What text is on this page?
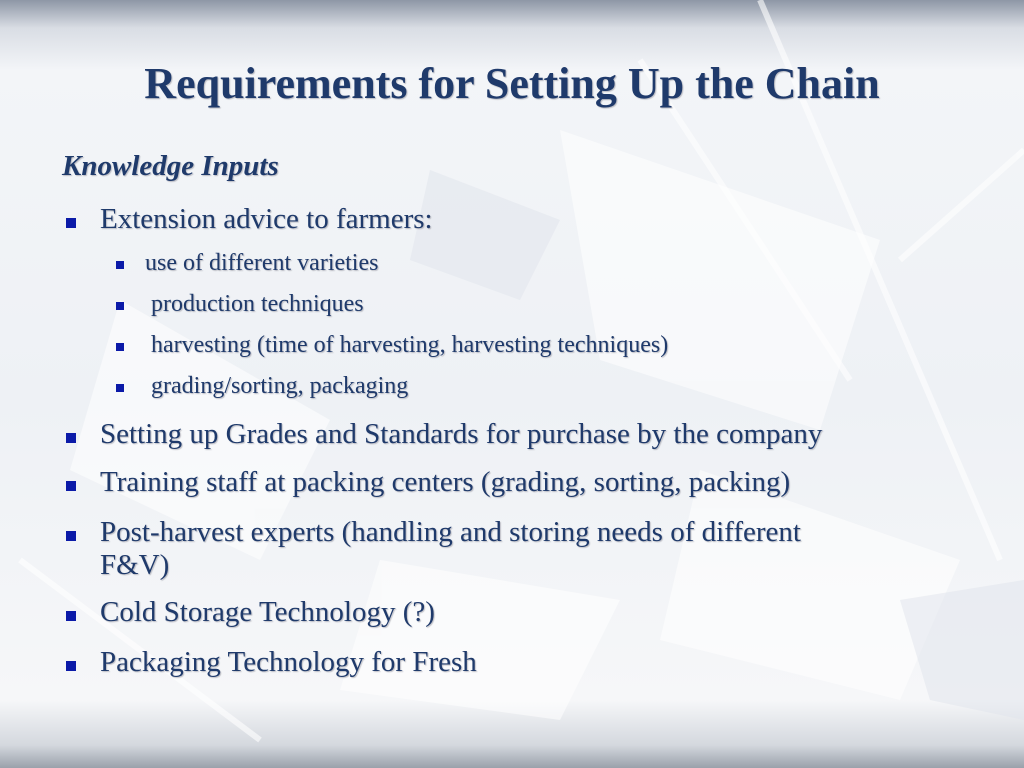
Requirements for Setting Up the Chain
Knowledge Inputs
Extension advice to farmers:
use of different varieties
production techniques
harvesting (time of harvesting, harvesting techniques)
grading/sorting, packaging
Setting up Grades and Standards for purchase by the company
Training staff at packing centers (grading, sorting, packing)
Post-harvest experts (handling and storing needs of different
F&V)
Cold Storage Technology (?)
Packaging Technology for Fresh
